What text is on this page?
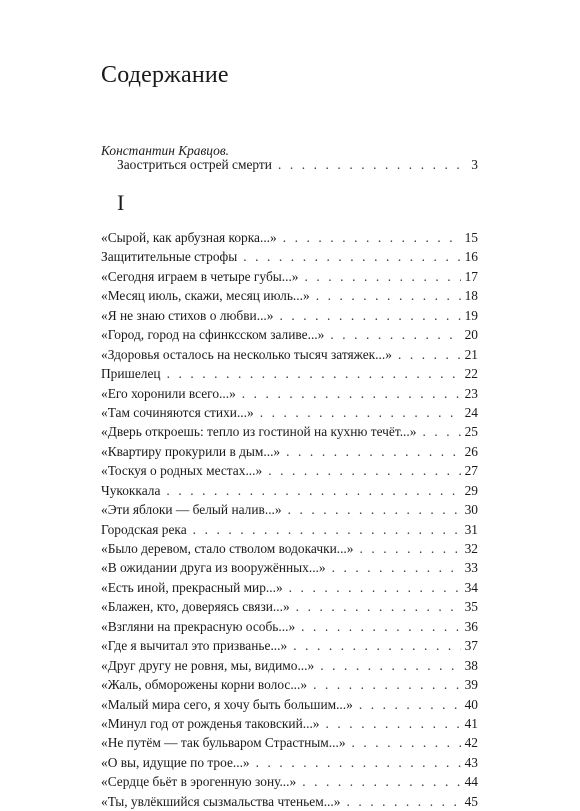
Содержание
Константин Кравцов.
Заостриться острей смерти . . .	3
I
«Сырой, как арбузная корка...» . . .	15
Защитительные строфы . . .	16
«Сегодня играем в четыре губы...» . . .	17
«Месяц июль, скажи, месяц июль...» . . .	18
«Я не знаю стихов о любви...» . . .	19
«Город, город на сфинксском заливе...» . . .	20
«Здоровья осталось на несколько тысяч затяжек...» . . .	21
Пришелец . . .	22
«Его хоронили всего...» . . .	23
«Там сочиняются стихи...» . . .	24
«Дверь откроешь: тепло из гостиной на кухню течёт...» . . .	25
«Квартиру прокурили в дым...» . . .	26
«Тоскуя о родных местах...» . . .	27
Чукоккала . . .	29
«Эти яблоки — белый налив...» . . .	30
Городская река . . .	31
«Было деревом, стало стволом водокачки...» . . .	32
«В ожидании друга из вооружённых...» . . .	33
«Есть иной, прекрасный мир...» . . .	34
«Блажен, кто, доверяясь связи...» . . .	35
«Взгляни на прекрасную особь...» . . .	36
«Где я вычитал это призванье...» . . .	37
«Друг другу не ровня, мы, видимо...» . . .	38
«Жаль, обморожены корни волос...» . . .	39
«Малый мира сего, я хочу быть большим...» . . .	40
«Минул год от рожденья таковский...» . . .	41
«Не путём — так бульваром Страстным...» . . .	42
«О вы, идущие по трое...» . . .	43
«Сердце бьёт в эрогенную зону...» . . .	44
«Ты, увлёкшийся сызмальства чтеньем...» . . .	45
